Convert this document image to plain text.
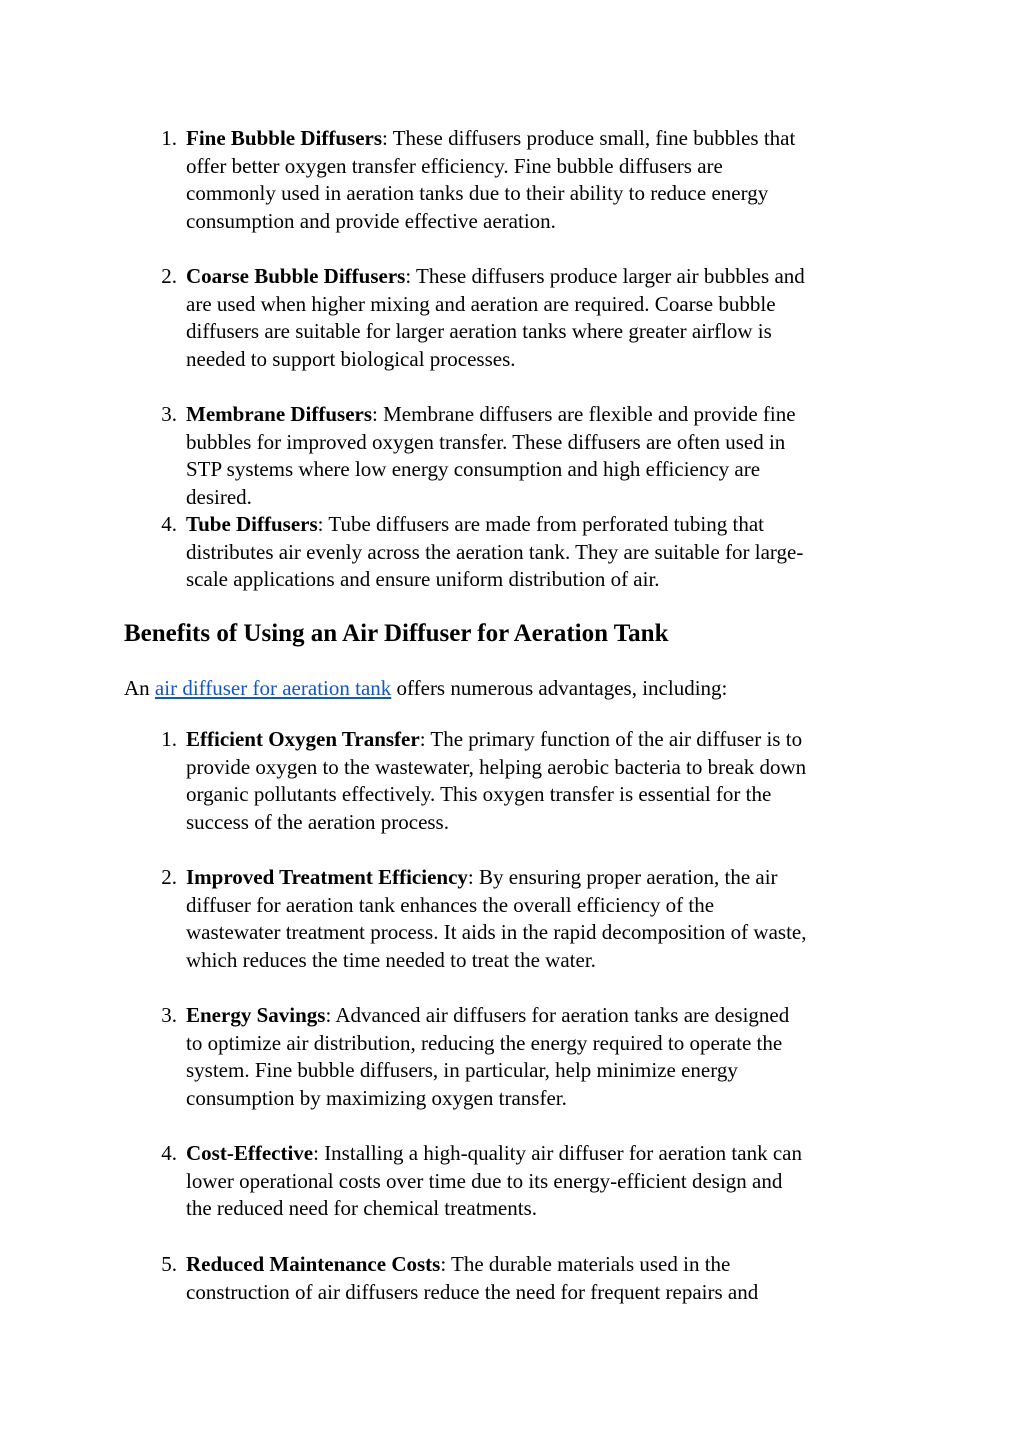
1. Fine Bubble Diffusers: These diffusers produce small, fine bubbles that
offer better oxygen transfer efficiency. Fine bubble diffusers are
commonly used in aeration tanks due to their ability to reduce energy
consumption and provide effective aeration.
2. Coarse Bubble Diffusers: These diffusers produce larger air bubbles and
are used when higher mixing and aeration are required. Coarse bubble
diffusers are suitable for larger aeration tanks where greater airflow is
needed to support biological processes.
3. Membrane Diffusers: Membrane diffusers are flexible and provide fine
bubbles for improved oxygen transfer. These diffusers are often used in
STP systems where low energy consumption and high efficiency are
desired.
4. Tube Diffusers: Tube diffusers are made from perforated tubing that
distributes air evenly across the aeration tank. They are suitable for large-
scale applications and ensure uniform distribution of air.
Benefits of Using an Air Diffuser for Aeration Tank
An air diffuser for aeration tank offers numerous advantages, including:
1. Efficient Oxygen Transfer: The primary function of the air diffuser is to
provide oxygen to the wastewater, helping aerobic bacteria to break down
organic pollutants effectively. This oxygen transfer is essential for the
success of the aeration process.
2. Improved Treatment Efficiency: By ensuring proper aeration, the air
diffuser for aeration tank enhances the overall efficiency of the
wastewater treatment process. It aids in the rapid decomposition of waste,
which reduces the time needed to treat the water.
3. Energy Savings: Advanced air diffusers for aeration tanks are designed
to optimize air distribution, reducing the energy required to operate the
system. Fine bubble diffusers, in particular, help minimize energy
consumption by maximizing oxygen transfer.
4. Cost-Effective: Installing a high-quality air diffuser for aeration tank can
lower operational costs over time due to its energy-efficient design and
the reduced need for chemical treatments.
5. Reduced Maintenance Costs: The durable materials used in the
construction of air diffusers reduce the need for frequent repairs and
